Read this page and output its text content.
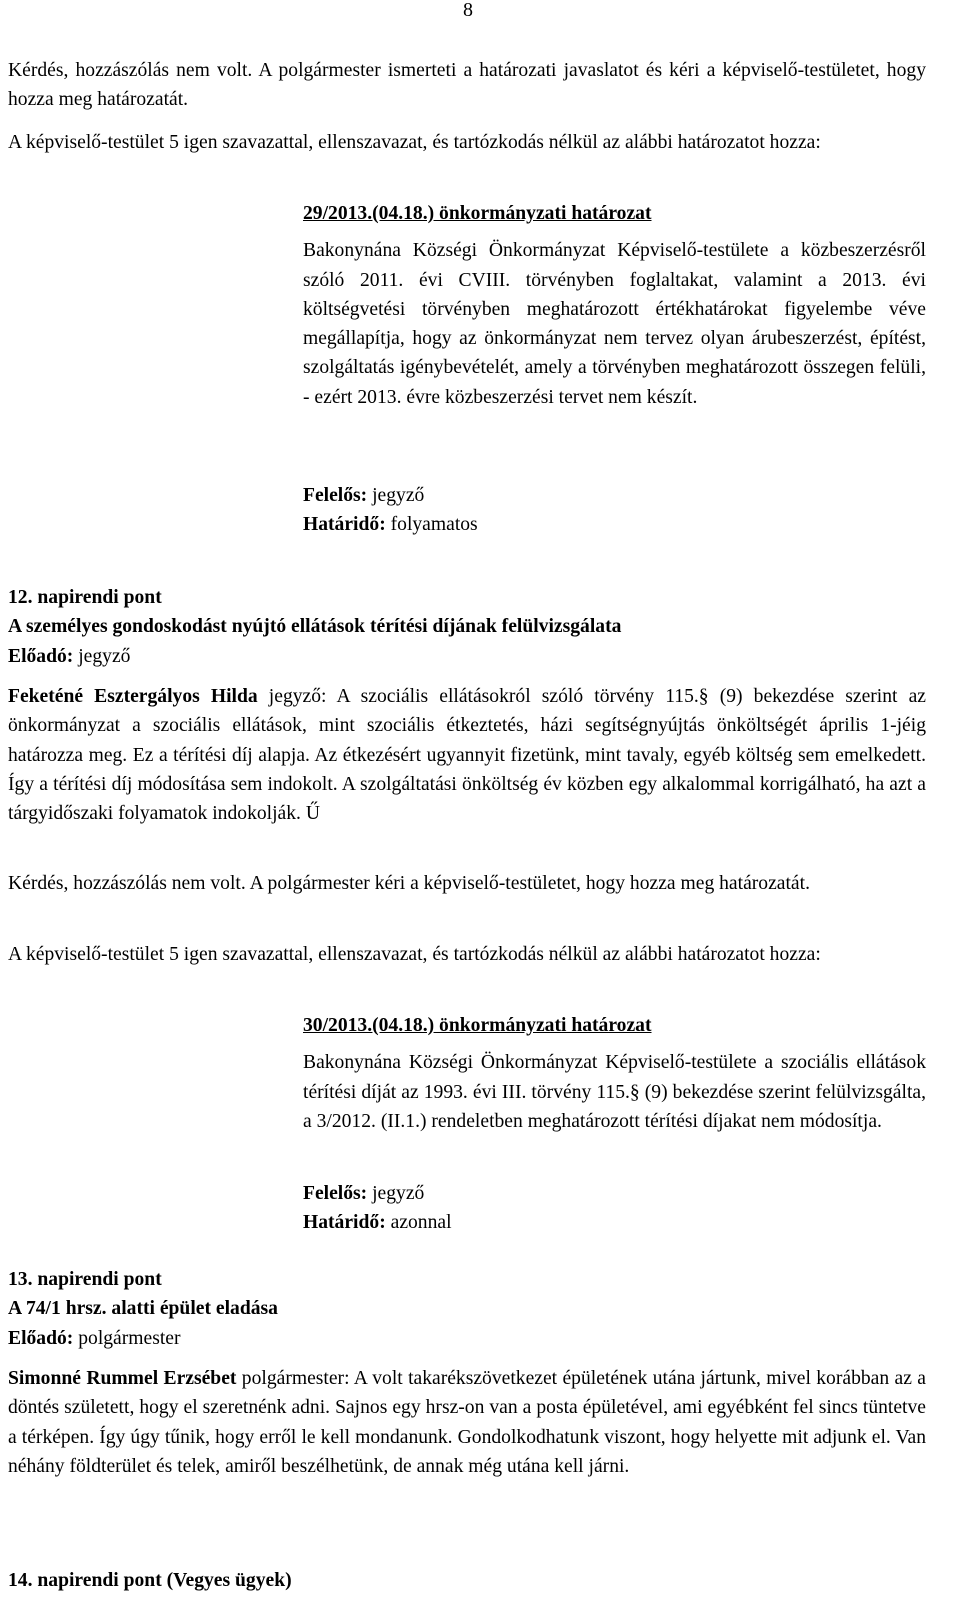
8

Kérdés, hozzászólás nem volt. A polgármester ismerteti a határozati javaslatot és kéri a képviselő-testületet, hogy hozza meg határozatát.

A képviselő-testület 5 igen szavazattal, ellenszavazat, és tartózkodás nélkül az alábbi határozatot hozza:

29/2013.(04.18.) önkormányzati határozat

Bakonynána Községi Önkormányzat Képviselő-testülete a közbeszerzésről szóló 2011. évi CVIII. törvényben foglaltakat, valamint a 2013. évi költségvetési törvényben meghatározott értékhatárokat figyelembe véve megállapítja, hogy az önkormányzat nem tervez olyan árubeszerzést, építést, szolgáltatás igénybevételét, amely a törvényben meghatározott összegen felüli, - ezért 2013. évre közbeszerzési tervet nem készít.

Felelős: jegyző

Határidő: folyamatos

12. napirendi pont

A személyes gondoskodást nyújtó ellátások térítési díjának felülvizsgálata

Előadó: jegyző

Feketéné Esztergályos Hilda jegyző: A szociális ellátásokról szóló törvény 115.§ (9) bekezdése szerint az önkormányzat a szociális ellátások, mint szociális étkeztetés, házi segítségnyújtás önköltségét április 1-jéig határozza meg. Ez a térítési díj alapja. Az étkezésért ugyannyit fizetünk, mint tavaly, egyéb költség sem emelkedett. Így a térítési díj módosítása sem indokolt. A szolgáltatási önköltség év közben egy alkalommal korrigálható, ha azt a tárgyidőszaki folyamatok indokolják. Ű

Kérdés, hozzászólás nem volt. A polgármester kéri a képviselő-testületet, hogy hozza meg határozatát.

A képviselő-testület 5 igen szavazattal, ellenszavazat, és tartózkodás nélkül az alábbi határozatot hozza:

30/2013.(04.18.) önkormányzati határozat

Bakonynána Községi Önkormányzat Képviselő-testülete a szociális ellátások térítési díját az 1993. évi III. törvény 115.§ (9) bekezdése szerint felülvizsgálta, a 3/2012. (II.1.) rendeletben meghatározott térítési díjakat nem módosítja.

Felelős: jegyző

Határidő: azonnal

13. napirendi pont

A 74/1 hrsz. alatti épület eladása

Előadó: polgármester

Simonné Rummel Erzsébet polgármester: A volt takarékszövetkezet épületének utána jártunk, mivel korábban az a döntés született, hogy el szeretnénk adni. Sajnos egy hrsz-on van a posta épületével, ami egyébként fel sincs tüntetve a térképen. Így úgy tűnik, hogy erről le kell mondanunk. Gondolkodhatunk viszont, hogy helyette mit adjunk el. Van néhány földterület és telek, amiről beszélhetünk, de annak még utána kell járni.

14. napirendi pont (Vegyes ügyek)
